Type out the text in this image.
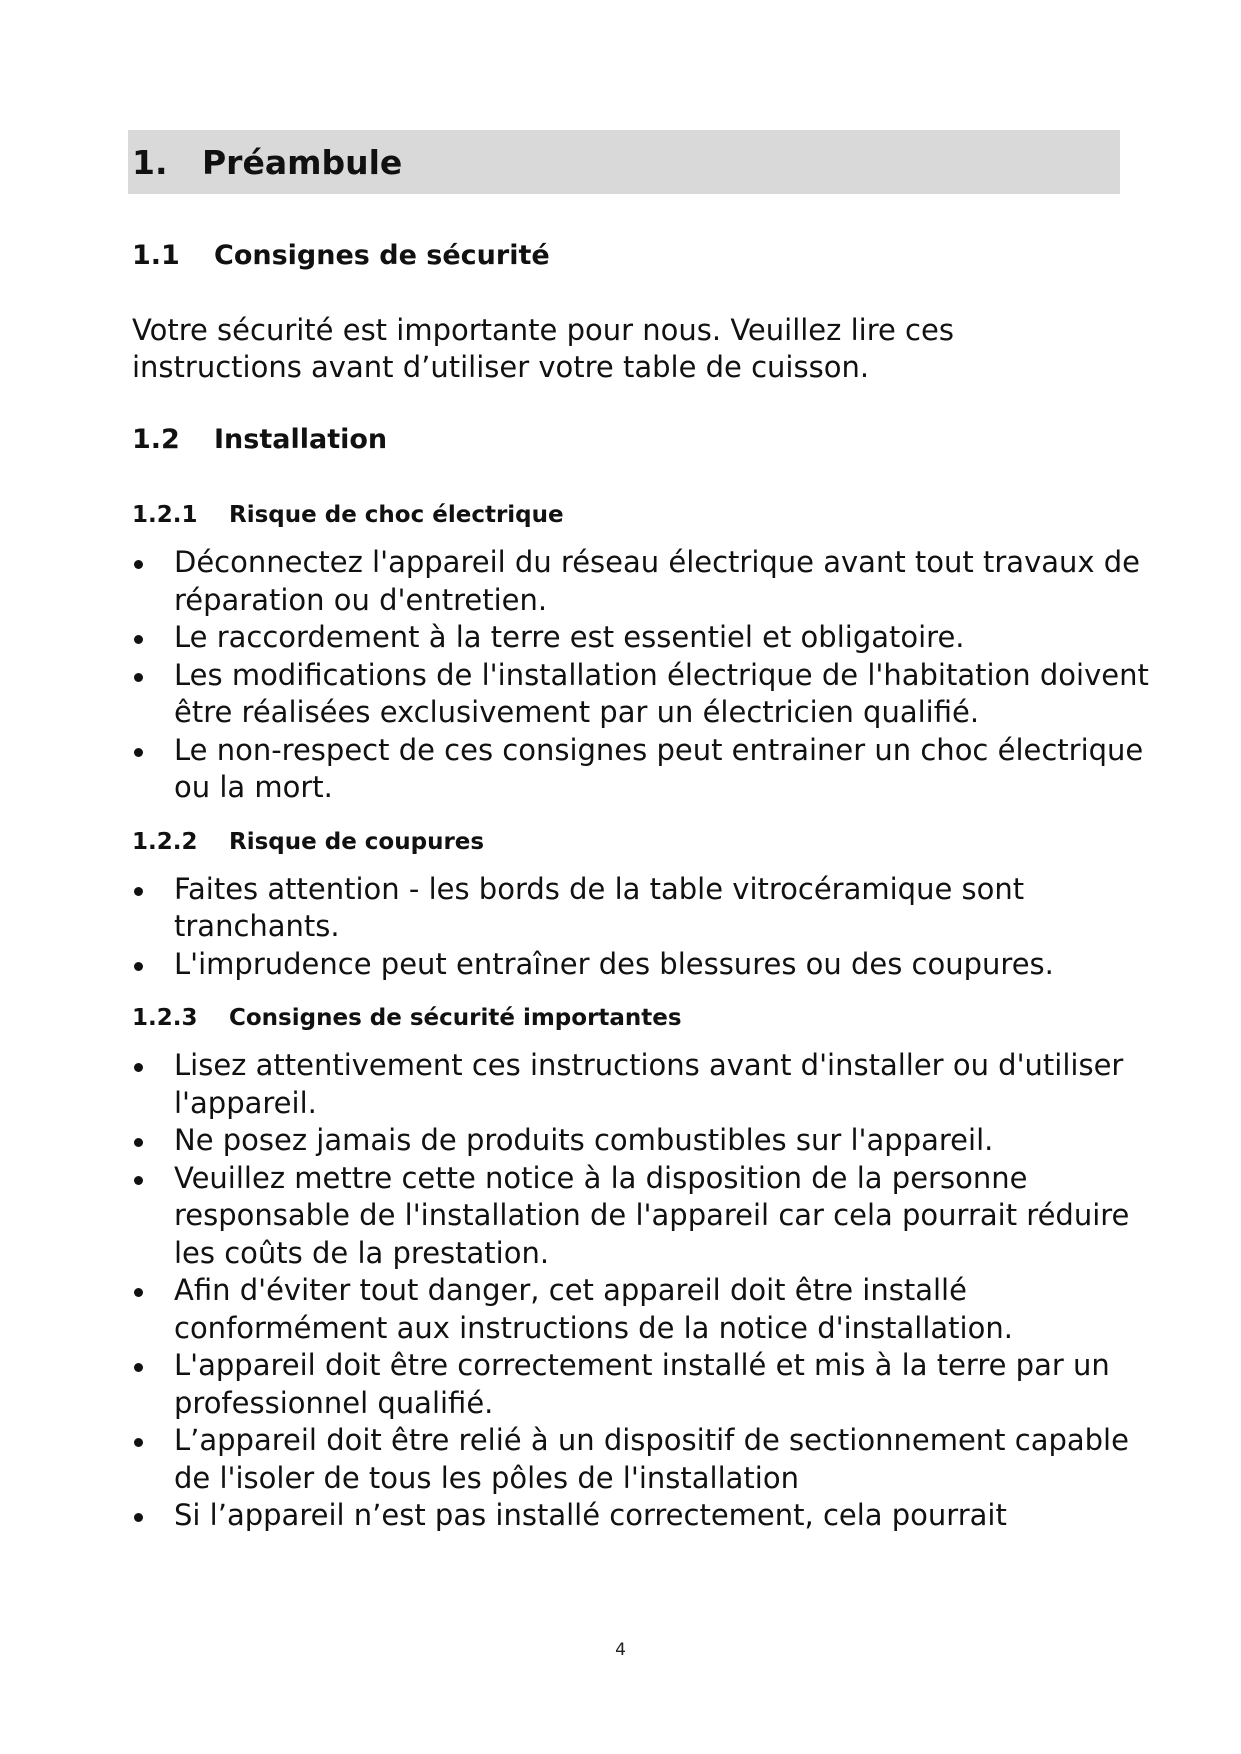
1.	Préambule
1.1	Consignes de sécurité

Votre sécurité est importante pour nous. Veuillez lire ces instructions avant d’utiliser votre table de cuisson.

1.2	Installation
1.2.1	Risque de choc électrique
Déconnectez l'appareil du réseau électrique avant tout travaux de réparation ou d'entretien.
Le raccordement à la terre est essentiel et obligatoire.
Les modifications de l'installation électrique de l'habitation doivent être réalisées exclusivement par un électricien qualifié.
Le non-respect de ces consignes peut entrainer un choc électrique ou la mort.
1.2.2	Risque de coupures
Faites attention - les bords de la table vitrocéramique sont tranchants.
L'imprudence peut entraîner des blessures ou des coupures.
1.2.3	Consignes de sécurité importantes
Lisez attentivement ces instructions avant d'installer ou d'utiliser l'appareil.
Ne posez jamais de produits combustibles sur l'appareil.
Veuillez mettre cette notice à la disposition de la personne responsable de l'installation de l'appareil car cela pourrait réduire les coûts de la prestation.
Afin d'éviter tout danger, cet appareil doit être installé conformément aux instructions de la notice d'installation.
L'appareil doit être correctement installé et mis à la terre par un professionnel qualifié.
L’appareil doit être relié à un dispositif de sectionnement capable de l'isoler de tous les pôles de l'installation
Si l’appareil n’est pas installé correctement, cela pourrait
4
